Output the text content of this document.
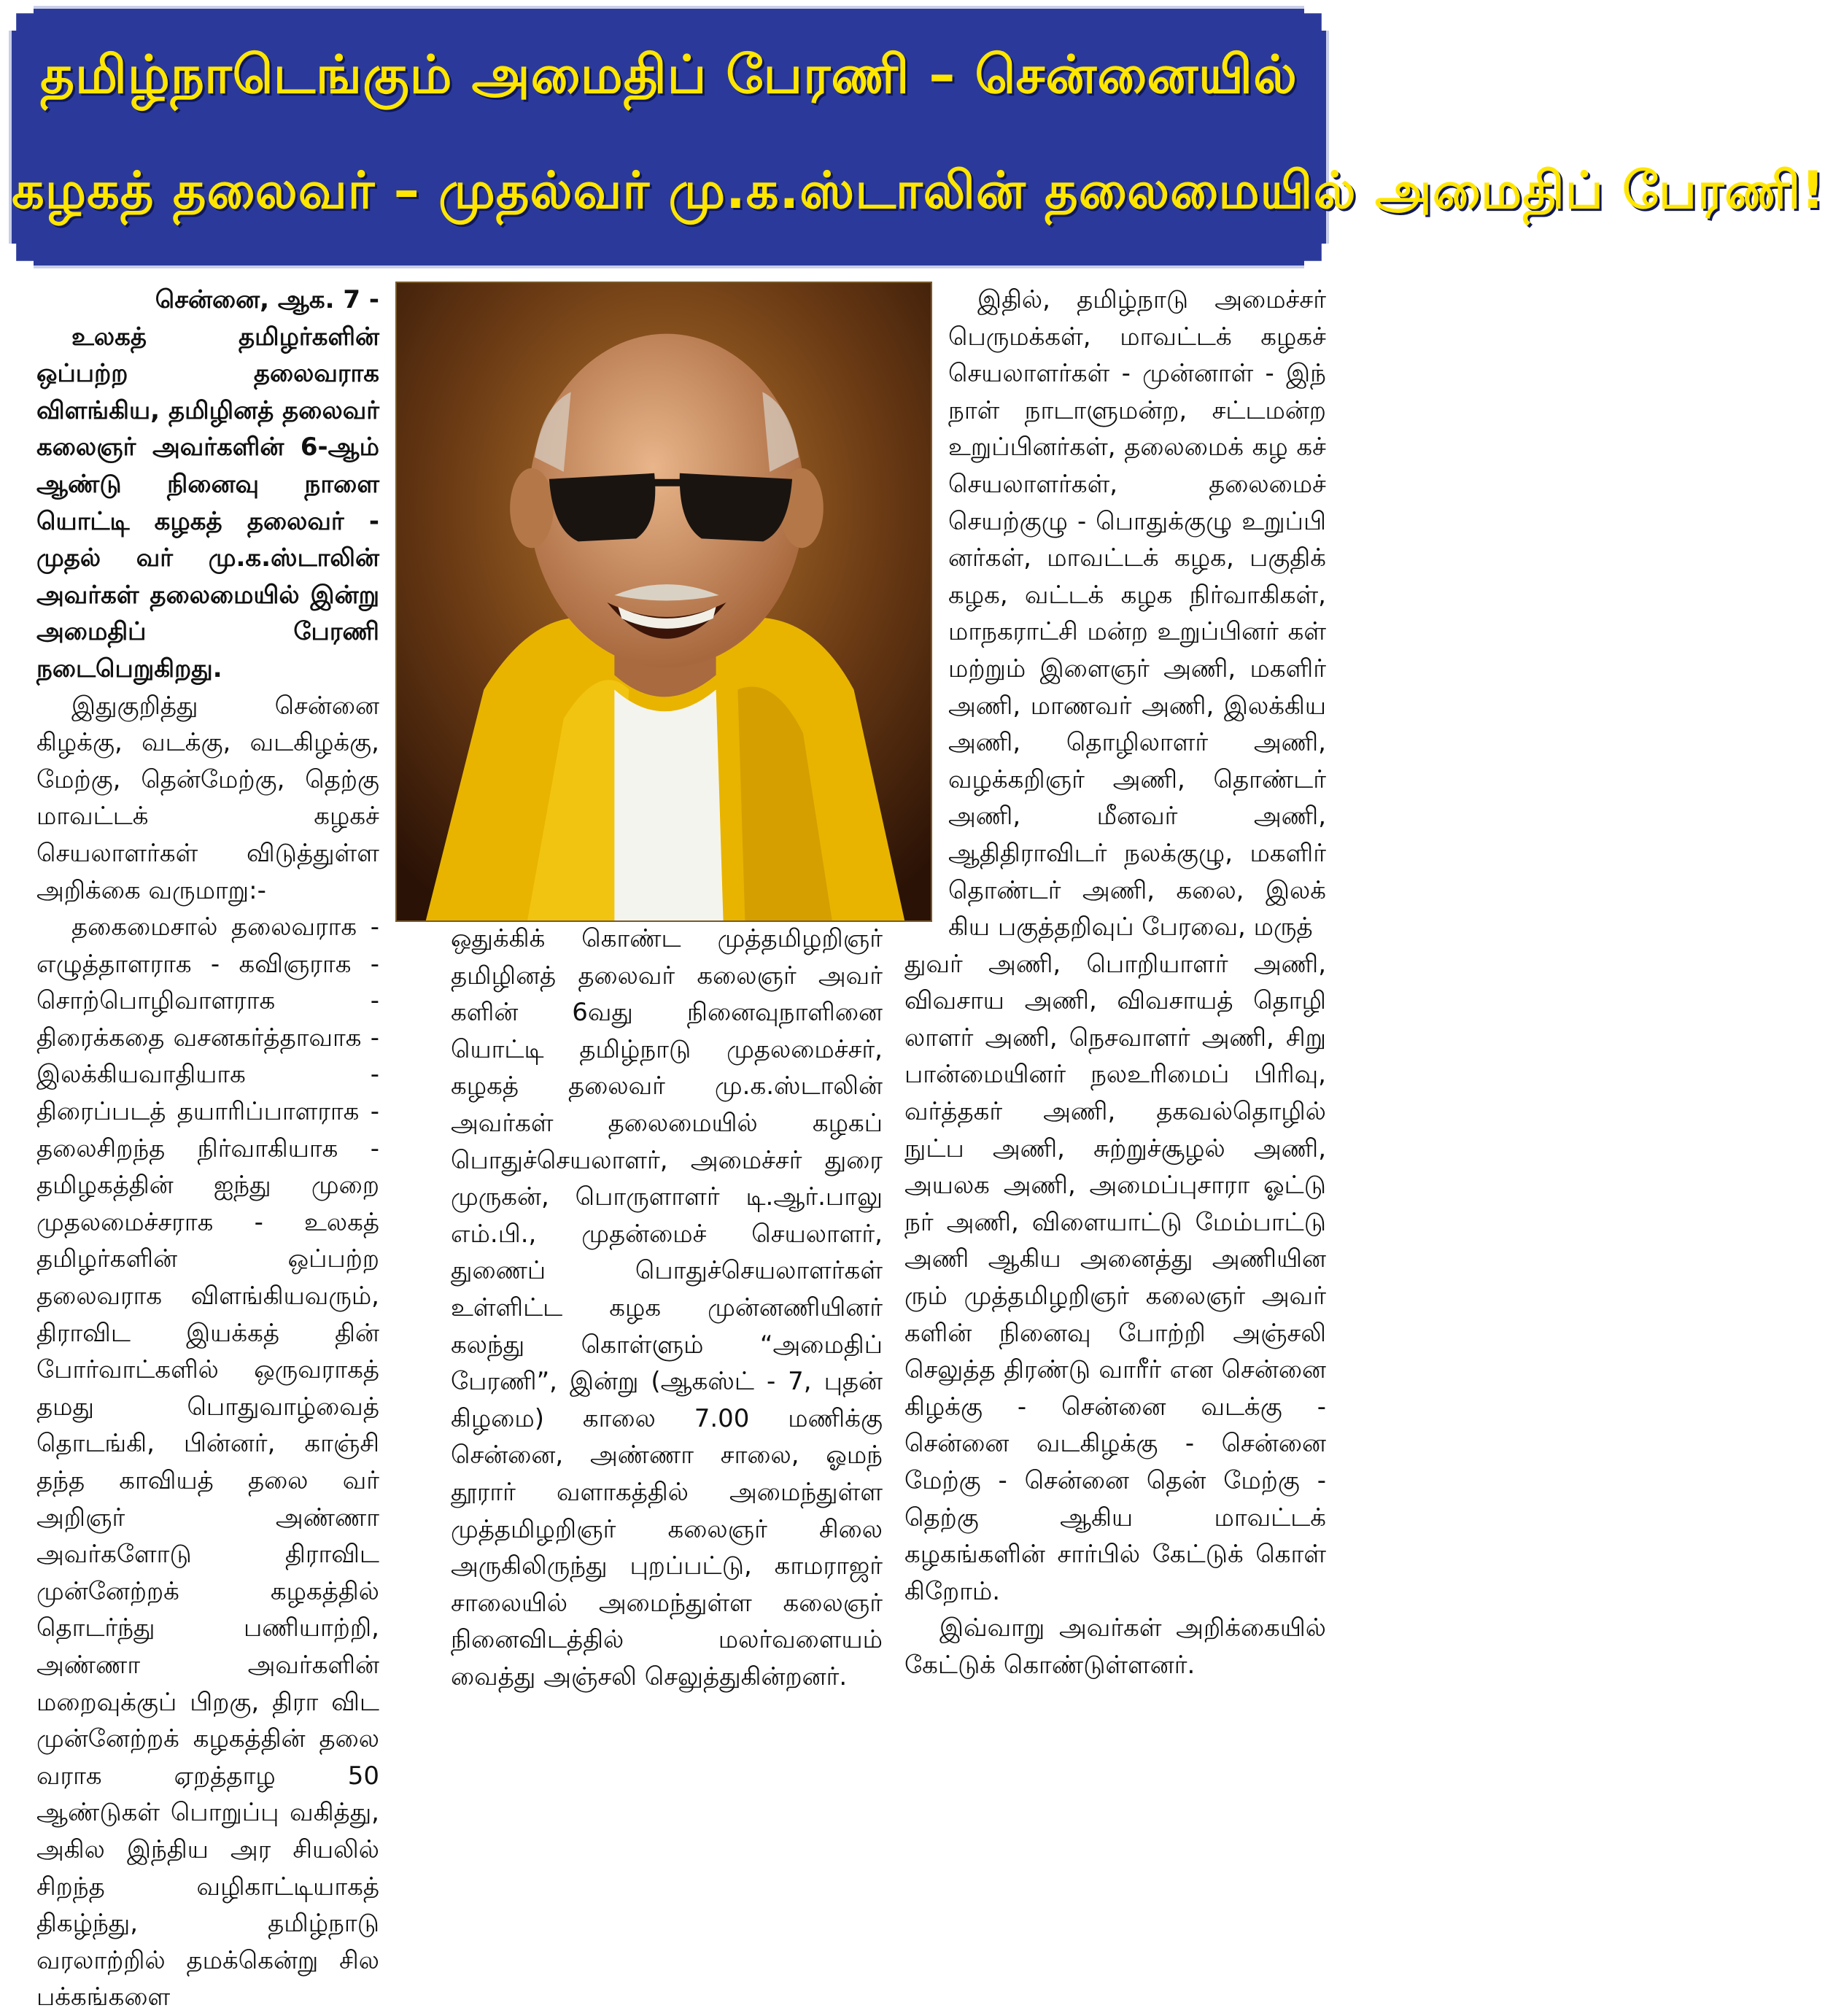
தமிழ்நாடெங்கும் அமைதிப் பேரணி – சென்னையில்
கழகத் தலைவர் – முதல்வர் மு.க.ஸ்டாலின் தலைமையில் அமைதிப் பேரணி!

சென்னை, ஆக. 7 -

உலகத் தமிழர்களின் ஒப்பற்ற தலைவராக விளங்கிய, தமிழினத் தலைவர் கலைஞர் அவர்களின் 6-ஆம் ஆண்டு நினைவு நாளை யொட்டி கழகத் தலைவர் - முதல் வர் மு.க.ஸ்டாலின் அவர்கள் தலைமையில் இன்று அமைதிப் பேரணி நடைபெறுகிறது.

இதுகுறித்து சென்னை கிழக்கு, வடக்கு, வடகிழக்கு, மேற்கு, தென்மேற்கு, தெற்கு மாவட்டக் கழகச் செயலாளர்கள் விடுத்துள்ள அறிக்கை வருமாறு:-

தகைமைசால் தலைவராக - எழுத்தாளராக - கவிஞராக - சொற்பொழிவாளராக - திரைக்கதை வசனகர்த்தாவாக - இலக்கியவாதியாக - திரைப்படத் தயாரிப்பாளராக - தலைசிறந்த நிர்வாகியாக - தமிழகத்தின் ஐந்து முறை முதலமைச்சராக - உலகத் தமிழர்களின் ஒப்பற்ற தலைவராக விளங்கியவரும், திராவிட இயக்கத் தின் போர்வாட்களில் ஒருவராகத் தமது பொதுவாழ்வைத் தொடங்கி, பின்னர், காஞ்சி தந்த காவியத் தலை வர் அறிஞர் அண்ணா அவர்களோடு திராவிட முன்னேற்றக் கழகத்தில் தொடர்ந்து பணியாற்றி, அண்ணா அவர்களின் மறைவுக்குப் பிறகு, திரா விட முன்னேற்றக் கழகத்தின் தலை வராக ஏறத்தாழ 50 ஆண்டுகள் பொறுப்பு வகித்து, அகில இந்திய அர சியலில் சிறந்த வழிகாட்டியாகத் திகழ்ந்து, தமிழ்நாடு வரலாற்றில் தமக்கென்று சில பக்கங்களை

ஒதுக்கிக் கொண்ட முத்தமிழறிஞர் தமிழினத் தலைவர் கலைஞர் அவர் களின் 6வது நினைவுநாளினை யொட்டி தமிழ்நாடு முதலமைச்சர், கழகத் தலைவர் மு.க.ஸ்டாலின் அவர்கள் தலைமையில் கழகப் பொதுச்செயலாளர், அமைச்சர் துரை முருகன், பொருளாளர் டி.ஆர்.பாலு எம்.பி., முதன்மைச் செயலாளர், துணைப் பொதுச்செயலாளர்கள் உள்ளிட்ட கழக முன்னணியினர் கலந்து கொள்ளும் “அமைதிப் பேரணி”, இன்று (ஆகஸ்ட் - 7, புதன் கிழமை) காலை 7.00 மணிக்கு சென்னை, அண்ணா சாலை, ஓமந் தூரார் வளாகத்தில் அமைந்துள்ள முத்தமிழறிஞர் கலைஞர் சிலை அருகிலிருந்து புறப்பட்டு, காமராஜர் சாலையில் அமைந்துள்ள கலைஞர் நினைவிடத்தில் மலர்வளையம் வைத்து அஞ்சலி செலுத்துகின்றனர்.

இதில், தமிழ்நாடு அமைச்சர் பெருமக்கள், மாவட்டக் கழகச் செயலாளர்கள் - முன்னாள் - இந் நாள் நாடாளுமன்ற, சட்டமன்ற உறுப்பினர்கள், தலைமைக் கழ கச் செயலாளர்கள், தலைமைச் செயற்குழு - பொதுக்குழு உறுப்பி னர்கள், மாவட்டக் கழக, பகுதிக் கழக, வட்டக் கழக நிர்வாகிகள், மாநகராட்சி மன்ற உறுப்பினர் கள் மற்றும் இளைஞர் அணி, மகளிர் அணி, மாணவர் அணி, இலக்கிய அணி, தொழிலாளர் அணி, வழக்கறிஞர் அணி, தொண்டர் அணி, மீனவர் அணி, ஆதிதிராவிடர் நலக்குழு, மகளிர் தொண்டர் அணி, கலை, இலக் கிய பகுத்தறிவுப் பேரவை, மருத்

துவர் அணி, பொறியாளர் அணி, விவசாய அணி, விவசாயத் தொழி லாளர் அணி, நெசவாளர் அணி, சிறு பான்மையினர் நலஉரிமைப் பிரிவு, வர்த்தகர் அணி, தகவல்தொழில் நுட்ப அணி, சுற்றுச்சூழல் அணி, அயலக அணி, அமைப்புசாரா ஓட்டு நர் அணி, விளையாட்டு மேம்பாட்டு அணி ஆகிய அனைத்து அணியின ரும் முத்தமிழறிஞர் கலைஞர் அவர் களின் நினைவு போற்றி அஞ்சலி செலுத்த திரண்டு வாரீர் என சென்னை கிழக்கு - சென்னை வடக்கு - சென்னை வடகிழக்கு - சென்னை மேற்கு - சென்னை தென் மேற்கு - தெற்கு ஆகிய மாவட்டக் கழகங்களின் சார்பில் கேட்டுக் கொள் கிறோம்.

இவ்வாறு அவர்கள் அறிக்கையில் கேட்டுக் கொண்டுள்ளனர்.
